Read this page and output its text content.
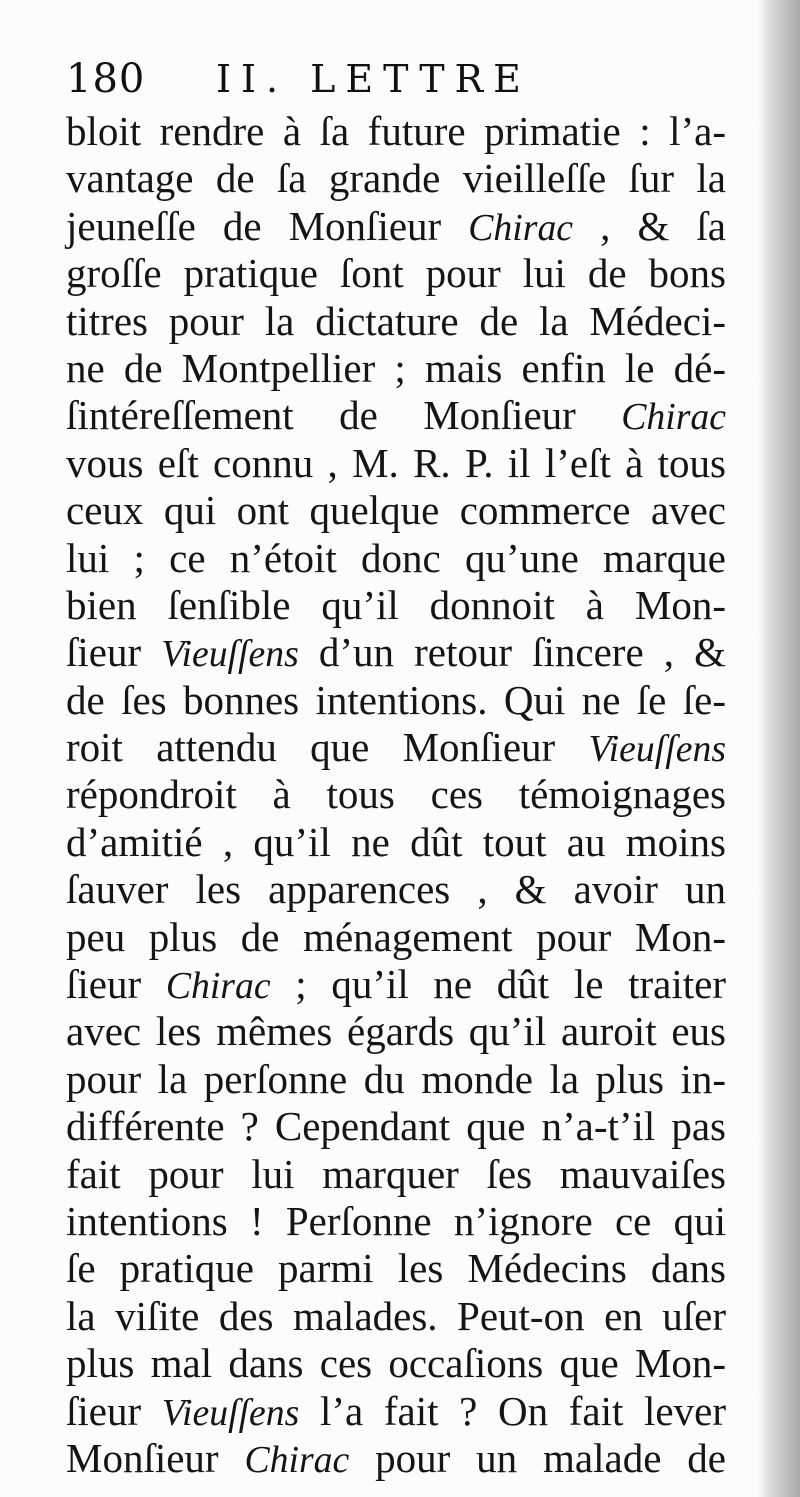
180 II. LETTRE
bloit rendre à ſa future primatie : l’a-
vantage de ſa grande vieilleſſe ſur la
jeuneſſe de Monſieur Chirac , & ſa
groſſe pratique ſont pour lui de bons
titres pour la dictature de la Médeci-
ne de Montpellier ; mais enfin le dé-
ſintéreſſement de Monſieur Chirac
vous eſt connu , M. R. P. il l’eſt à tous
ceux qui ont quelque commerce avec
lui ; ce n’étoit donc qu’une marque
bien ſenſible qu’il donnoit à Mon-
ſieur Vieuſſens d’un retour ſincere , &
de ſes bonnes intentions. Qui ne ſe ſe-
roit attendu que Monſieur Vieuſſens
répondroit à tous ces témoignages
d’amitié , qu’il ne dût tout au moins
ſauver les apparences , & avoir un
peu plus de ménagement pour Mon-
ſieur Chirac ; qu’il ne dût le traiter
avec les mêmes égards qu’il auroit eus
pour la perſonne du monde la plus in-
différente ? Cependant que n’a-t’il pas
fait pour lui marquer ſes mauvaiſes
intentions ! Perſonne n’ignore ce qui
ſe pratique parmi les Médecins dans
la viſite des malades. Peut-on en uſer
plus mal dans ces occaſions que Mon-
ſieur Vieuſſens l’a fait ? On fait lever
Monſieur Chirac pour un malade de
